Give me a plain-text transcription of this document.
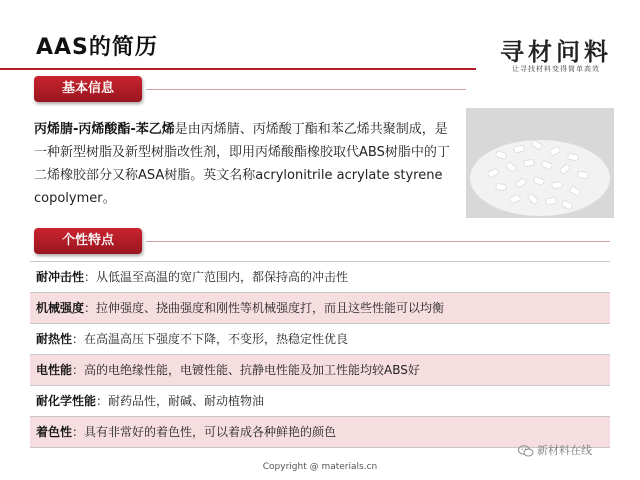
AAS的简历	寻材问料
让寻找材料变得简单高效
基本信息
丙烯腈-丙烯酸酯-苯乙烯是由丙烯腈、丙烯酸丁酯和苯乙烯共聚制成，是一种新型树脂及新型树脂改性剂，即用丙烯酸酯橡胶取代ABS树脂中的丁二烯橡胶部分又称ASA树脂。英文名称acrylonitrile acrylate styrene copolymer。
个性特点
耐冲击性：从低温至高温的宽广范围内，都保持高的冲击性
机械强度：拉伸强度、挠曲强度和刚性等机械强度打，而且这些性能可以均衡
耐热性：在高温高压下强度不下降，不变形，热稳定性优良
电性能：高的电绝缘性能，电镀性能、抗静电性能及加工性能均较ABS好
耐化学性能：耐药品性，耐碱、耐动植物油
着色性：具有非常好的着色性，可以着成各种鲜艳的颜色
新材料在线
Copyright @ materials.cn
